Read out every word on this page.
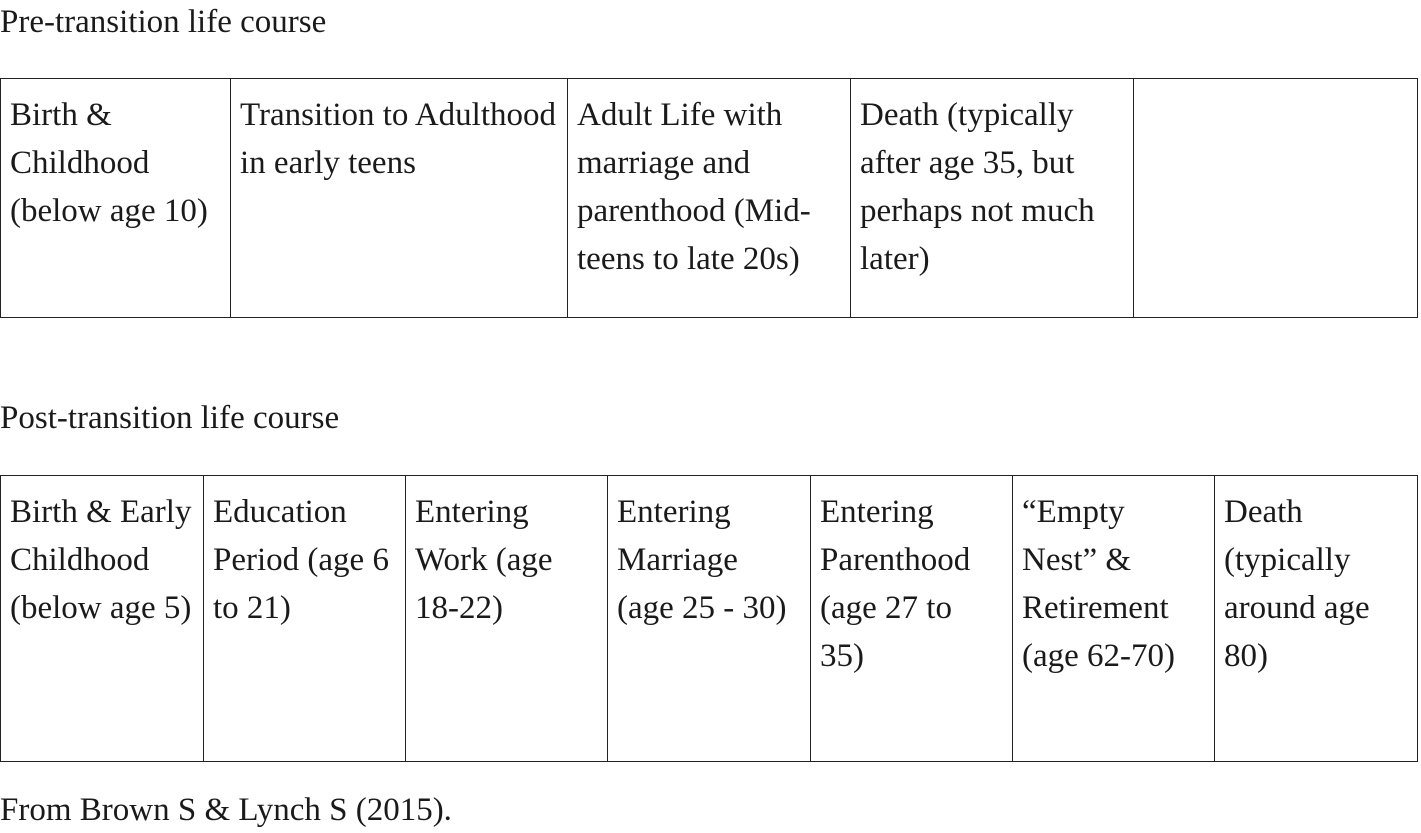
Pre-transition life course

Birth & Childhood (below age 10)	Transition to Adulthood in early teens	Adult Life with marriage and parenthood (Mid-teens to late 20s)	Death (typically after age 35, but perhaps not much later)	

Post-transition life course

Birth & Early Childhood (below age 5)	Education Period (age 6 to 21)	Entering Work (age 18-22)	Entering Marriage (age 25 - 30)	Entering Parenthood (age 27 to 35)	“Empty Nest” & Retirement (age 62-70)	Death (typically around age 80)

From Brown S & Lynch S (2015).
